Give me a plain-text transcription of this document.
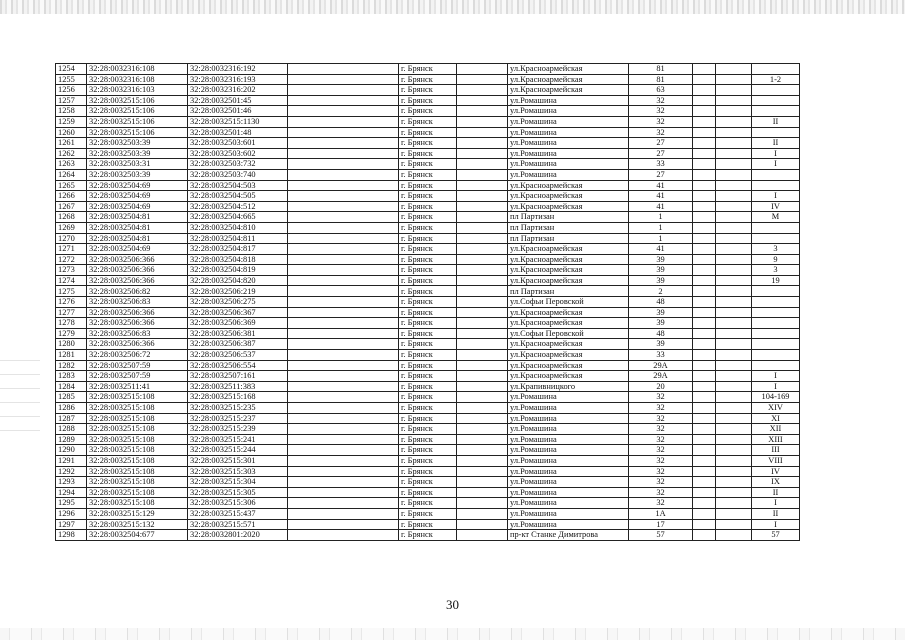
1254	32:28:0032316:108	32:28:0032316:192		г. Брянск		ул.Красноармейская	81			
1255	32:28:0032316:108	32:28:0032316:193		г. Брянск		ул.Красноармейская	81			1-2
1256	32:28:0032316:103	32:28:0032316:202		г. Брянск		ул.Красноармейская	63			
1257	32:28:0032515:106	32:28:0032501:45		г. Брянск		ул.Ромашина	32			
1258	32:28:0032515:106	32:28:0032501:46		г. Брянск		ул.Ромашина	32			
1259	32:28:0032515:106	32:28:0032515:1130		г. Брянск		ул.Ромашина	32			II
1260	32:28:0032515:106	32:28:0032501:48		г. Брянск		ул.Ромашина	32			
1261	32:28:0032503:39	32:28:0032503:601		г. Брянск		ул.Ромашина	27			II
1262	32:28:0032503:39	32:28:0032503:602		г. Брянск		ул.Ромашина	27			I
1263	32:28:0032503:31	32:28:0032503:732		г. Брянск		ул.Ромашина	33			I
1264	32:28:0032503:39	32:28:0032503:740		г. Брянск		ул.Ромашина	27			
1265	32:28:0032504:69	32:28:0032504:503		г. Брянск		ул.Красноармейская	41			
1266	32:28:0032504:69	32:28:0032504:505		г. Брянск		ул.Красноармейская	41			I
1267	32:28:0032504:69	32:28:0032504:512		г. Брянск		ул.Красноармейская	41			IV
1268	32:28:0032504:81	32:28:0032504:665		г. Брянск		пл Партизан	1			М
1269	32:28:0032504:81	32:28:0032504:810		г. Брянск		пл Партизан	1			
1270	32:28:0032504:81	32:28:0032504:811		г. Брянск		пл Партизан	1			
1271	32:28:0032504:69	32:28:0032504:817		г. Брянск		ул.Красноармейская	41			3
1272	32:28:0032506:366	32:28:0032504:818		г. Брянск		ул.Красноармейская	39			9
1273	32:28:0032506:366	32:28:0032504:819		г. Брянск		ул.Красноармейская	39			3
1274	32:28:0032506:366	32:28:0032504:820		г. Брянск		ул.Красноармейская	39			19
1275	32:28:0032506:82	32:28:0032506:219		г. Брянск		пл Партизан	2			
1276	32:28:0032506:83	32:28:0032506:275		г. Брянск		ул.Софьи Перовской	48			
1277	32:28:0032506:366	32:28:0032506:367		г. Брянск		ул.Красноармейская	39			
1278	32:28:0032506:366	32:28:0032506:369		г. Брянск		ул.Красноармейская	39			
1279	32:28:0032506:83	32:28:0032506:381		г. Брянск		ул.Софьи Перовской	48			
1280	32:28:0032506:366	32:28:0032506:387		г. Брянск		ул.Красноармейская	39			
1281	32:28:0032506:72	32:28:0032506:537		г. Брянск		ул.Красноармейская	33			
1282	32:28:0032507:59	32:28:0032506:554		г. Брянск		ул.Красноармейская	29А			
1283	32:28:0032507:59	32:28:0032507:161		г. Брянск		ул.Красноармейская	29А			I
1284	32:28:0032511:41	32:28:0032511:383		г. Брянск		ул.Крапивницкого	20			I
1285	32:28:0032515:108	32:28:0032515:168		г. Брянск		ул.Ромашина	32			104-169
1286	32:28:0032515:108	32:28:0032515:235		г. Брянск		ул.Ромашина	32			XIV
1287	32:28:0032515:108	32:28:0032515:237		г. Брянск		ул.Ромашина	32			XI
1288	32:28:0032515:108	32:28:0032515:239		г. Брянск		ул.Ромашина	32			XII
1289	32:28:0032515:108	32:28:0032515:241		г. Брянск		ул.Ромашина	32			XIII
1290	32:28:0032515:108	32:28:0032515:244		г. Брянск		ул.Ромашина	32			III
1291	32:28:0032515:108	32:28:0032515:301		г. Брянск		ул.Ромашина	32			VIII
1292	32:28:0032515:108	32:28:0032515:303		г. Брянск		ул.Ромашина	32			IV
1293	32:28:0032515:108	32:28:0032515:304		г. Брянск		ул.Ромашина	32			IX
1294	32:28:0032515:108	32:28:0032515:305		г. Брянск		ул.Ромашина	32			II
1295	32:28:0032515:108	32:28:0032515:306		г. Брянск		ул.Ромашина	32			I
1296	32:28:0032515:129	32:28:0032515:437		г. Брянск		ул.Ромашина	1А			II
1297	32:28:0032515:132	32:28:0032515:571		г. Брянск		ул.Ромашина	17			I
1298	32:28:0032504:677	32:28:0032801:2020		г. Брянск		пр-кт Станке Димитрова	57			57
30
